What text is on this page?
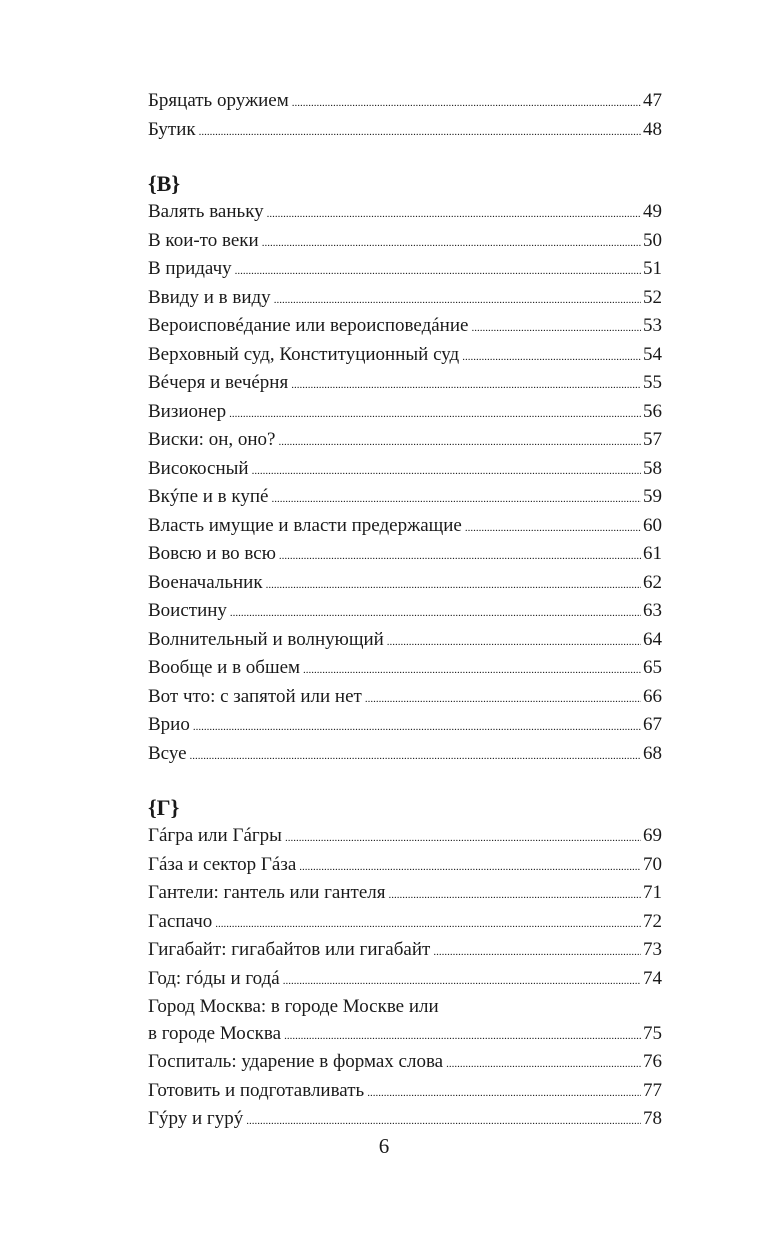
Бряцать оружием .....	47
Бутик .....	48
{В}
Валять ваньку .....	49
В кои-то веки .....	50
В придачу .....	51
Ввиду и в виду .....	52
Вероисповéдание или вероисповедáние .....	53
Верховный суд, Конституционный суд .....	54
Вéчеря и вечéрня .....	55
Визионер .....	56
Виски: он, оно? .....	57
Високосный .....	58
Вкýпе и в купé .....	59
Власть имущие и власти предержащие .....	60
Вовсю и во всю .....	61
Военачальник .....	62
Воистину .....	63
Волнительный и волнующий .....	64
Вообще и в обшем .....	65
Вот что: с запятой или нет .....	66
Врио .....	67
Всуе .....	68
{Г}
Гáгра или Гáгры .....	69
Гáза и сектор Гáза .....	70
Гантели: гантель или гантеля .....	71
Гаспачо .....	72
Гигабайт: гигабайтов или гигабайт .....	73
Год: гóды и годá .....	74
Город Москва: в городе Москве или
в городе Москва .....	75
Госпиталь: ударение в формах слова .....	76
Готовить и подготавливать .....	77
Гýру и гурý .....	78
6
